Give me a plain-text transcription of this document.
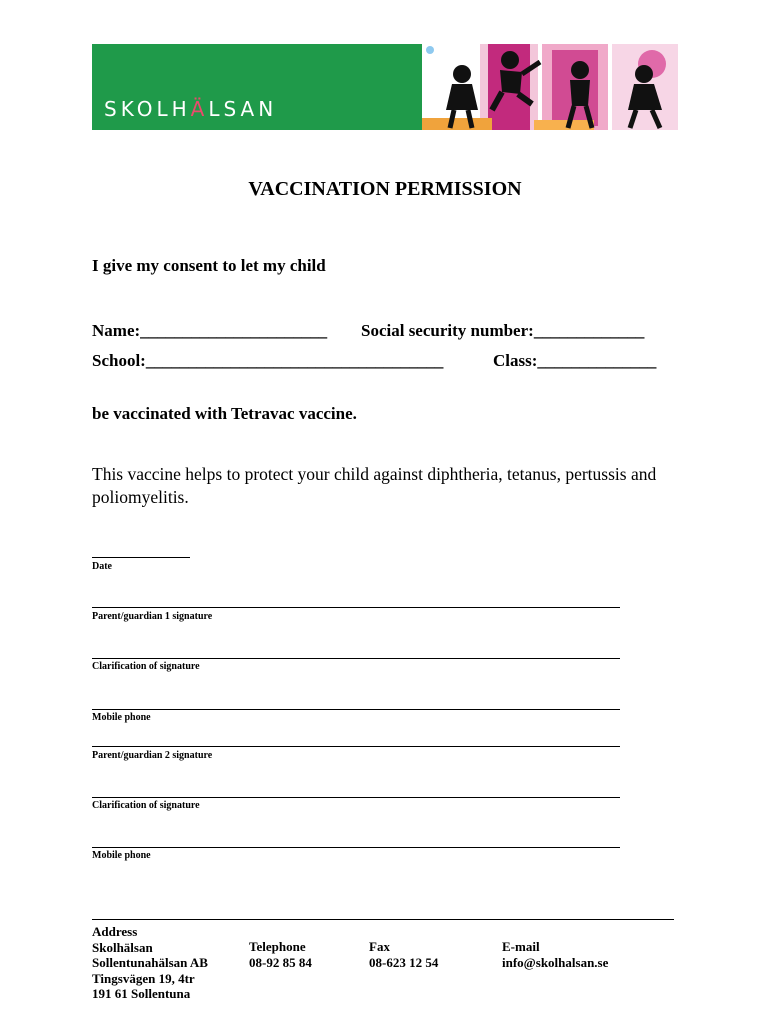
SKOLHÄLSAN
VACCINATION PERMISSION
I give my consent to let my child
Name:______________________ Social security number:_____________
School:___________________________________	Class:______________
be vaccinated with Tetravac vaccine.
This vaccine helps to protect your child against diphtheria, tetanus, pertussis and poliomyelitis.
Date
Parent/guardian 1 signature
Clarification of signature
Mobile phone
Parent/guardian 2 signature
Clarification of signature
Mobile phone
Address
Skolhälsan
Sollentunahälsan AB
Tingsvägen 19, 4tr
191 61 Sollentuna
Telephone
08-92 85 84
Fax
08-623 12 54
E-mail
info@skolhalsan.se
